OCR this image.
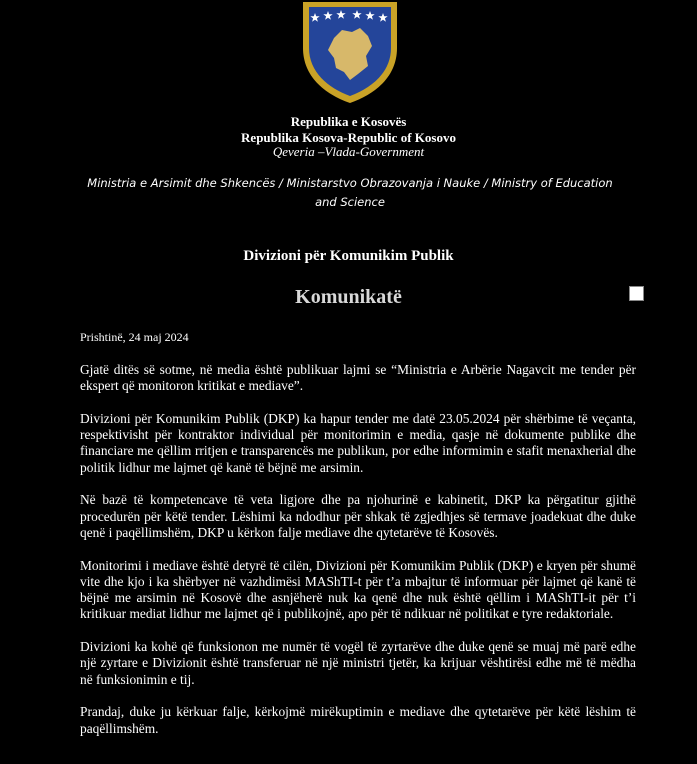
Republika e Kosovës
Republika Kosova-Republic of Kosovo
Qeveria –Vlada-Government
Ministria e Arsimit dhe Shkencës / Ministarstvo Obrazovanja i Nauke / Ministry of Education and Science
Divizioni për Komunikim Publik
Komunikatë
Prishtinë, 24 maj 2024

Gjatë ditës së sotme, në media është publikuar lajmi se “Ministria e Arbërie Nagavcit me tender për ekspert që monitoron kritikat e mediave”.

Divizioni për Komunikim Publik (DKP) ka hapur tender me datë 23.05.2024 për shërbime të veçanta, respektivisht për kontraktor individual për monitorimin e media, qasje në dokumente publike dhe financiare me qëllim rritjen e transparencës me publikun, por edhe informimin e stafit menaxherial dhe politik lidhur me lajmet që kanë të bëjnë me arsimin.

Në bazë të kompetencave të veta ligjore dhe pa njohurinë e kabinetit, DKP ka përgatitur gjithë procedurën për këtë tender. Lëshimi ka ndodhur për shkak të zgjedhjes së termave joadekuat dhe duke qenë i paqëllimshëm, DKP u kërkon falje mediave dhe qytetarëve të Kosovës.

Monitorimi i mediave është detyrë të cilën, Divizioni për Komunikim Publik (DKP) e kryen për shumë vite dhe kjo i ka shërbyer në vazhdimësi MAShTI-t për t’a mbajtur të informuar për lajmet që kanë të bëjnë me arsimin në Kosovë dhe asnjëherë nuk ka qenë dhe nuk është qëllim i MAShTI-it për t’i kritikuar mediat lidhur me lajmet që i publikojnë, apo për të ndikuar në politikat e tyre redaktoriale.

Divizioni ka kohë që funksionon me numër të vogël të zyrtarëve dhe duke qenë se muaj më parë edhe një zyrtare e Divizionit është transferuar në një ministri tjetër, ka krijuar vështirësi edhe më të mëdha në funksionimin e tij.

Prandaj, duke ju kërkuar falje, kërkojmë mirëkuptimin e mediave dhe qytetarëve për këtë lëshim të paqëllimshëm.
